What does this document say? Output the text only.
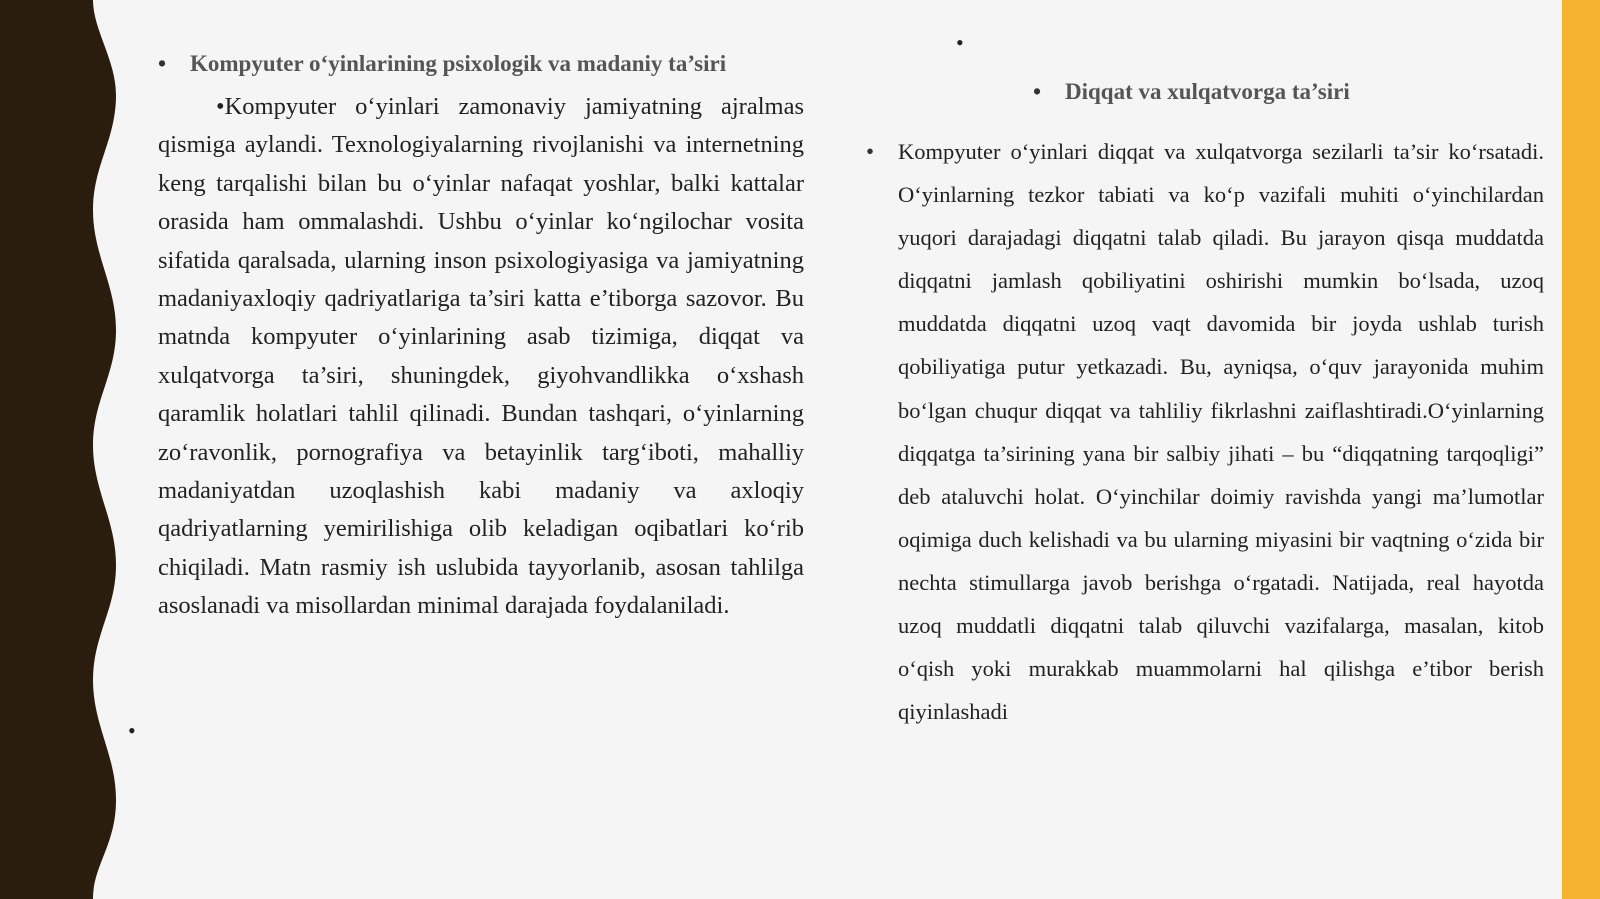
•
•
•	Kompyuter o‘yinlarining psixologik va madaniy ta’siri
•Kompyuter o‘yinlari zamonaviy jamiyatning ajralmas qismiga aylandi. Texnologiyalarning rivojlanishi va internetning keng tarqalishi bilan bu o‘yinlar nafaqat yoshlar, balki kattalar orasida ham ommalashdi. Ushbu o‘yinlar ko‘ngilochar vosita sifatida qaralsada, ularning inson psixologiyasiga va jamiyatning madaniyaxloqiy qadriyatlariga ta’siri katta e’tiborga sazovor. Bu matnda kompyuter o‘yinlarining asab tizimiga, diqqat va xulqatvorga ta’siri, shuningdek, giyohvandlikka o‘xshash qaramlik holatlari tahlil qilinadi. Bundan tashqari, o‘yinlarning zo‘ravonlik, pornografiya va betayinlik targ‘iboti, mahalliy madaniyatdan uzoqlashish kabi madaniy va axloqiy qadriyatlarning yemirilishiga olib keladigan oqibatlari ko‘rib chiqiladi. Matn rasmiy ish uslubida tayyorlanib, asosan tahlilga asoslanadi va misollardan minimal darajada foydalaniladi.
•	Diqqat va xulqatvorga ta’siri
•	Kompyuter o‘yinlari diqqat va xulqatvorga sezilarli ta’sir ko‘rsatadi. O‘yinlarning tezkor tabiati va ko‘p vazifali muhiti o‘yinchilardan yuqori darajadagi diqqatni talab qiladi. Bu jarayon qisqa muddatda diqqatni jamlash qobiliyatini oshirishi mumkin bo‘lsada, uzoq muddatda diqqatni uzoq vaqt davomida bir joyda ushlab turish qobiliyatiga putur yetkazadi. Bu, ayniqsa, o‘quv jarayonida muhim bo‘lgan chuqur diqqat va tahliliy fikrlashni zaiflashtiradi.O‘yinlarning diqqatga ta’sirining yana bir salbiy jihati – bu “diqqatning tarqoqligi” deb ataluvchi holat. O‘yinchilar doimiy ravishda yangi ma’lumotlar oqimiga duch kelishadi va bu ularning miyasini bir vaqtning o‘zida bir nechta stimullarga javob berishga o‘rgatadi. Natijada, real hayotda uzoq muddatli diqqatni talab qiluvchi vazifalarga, masalan, kitob o‘qish yoki murakkab muammolarni hal qilishga e’tibor berish qiyinlashadi
